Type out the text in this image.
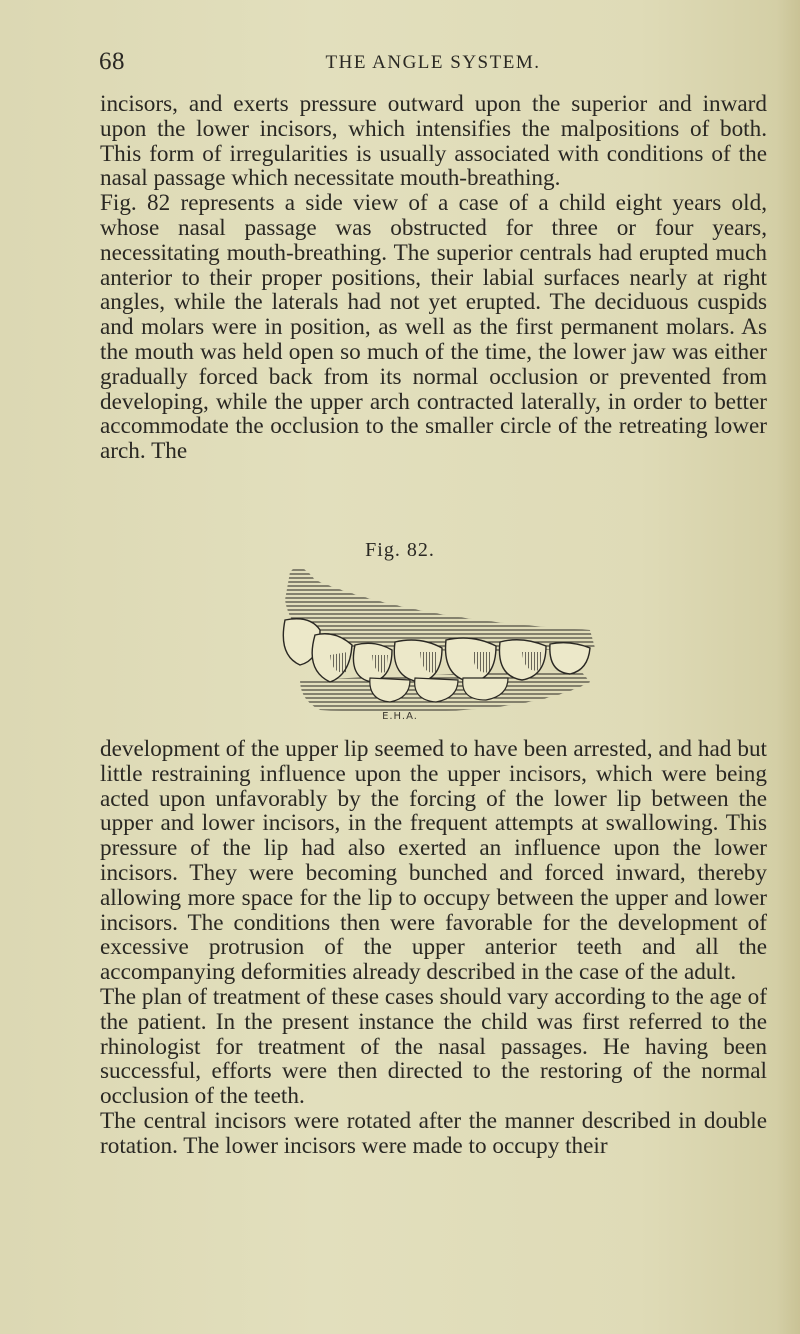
68	THE ANGLE SYSTEM.
incisors, and exerts pressure outward upon the superior and inward upon the lower incisors, which intensifies the malpositions of both. This form of irregularities is usually associated with conditions of the nasal passage which necessitate mouth-breathing.
Fig. 82 represents a side view of a case of a child eight years old, whose nasal passage was obstructed for three or four years, necessitating mouth-breathing. The superior centrals had erupted much anterior to their proper positions, their labial surfaces nearly at right angles, while the laterals had not yet erupted. The deciduous cuspids and molars were in position, as well as the first permanent molars. As the mouth was held open so much of the time, the lower jaw was either gradually forced back from its normal occlusion or prevented from developing, while the upper arch contracted laterally, in order to better accommodate the occlusion to the smaller circle of the retreating lower arch. The
Fig. 82.
E.H.A.
development of the upper lip seemed to have been arrested, and had but little restraining influence upon the upper incisors, which were being acted upon unfavorably by the forcing of the lower lip between the upper and lower incisors, in the frequent attempts at swallowing. This pressure of the lip had also exerted an influence upon the lower incisors. They were becoming bunched and forced inward, thereby allowing more space for the lip to occupy between the upper and lower incisors. The conditions then were favorable for the development of excessive protrusion of the upper anterior teeth and all the accompanying deformities already described in the case of the adult.
The plan of treatment of these cases should vary according to the age of the patient. In the present instance the child was first referred to the rhinologist for treatment of the nasal passages. He having been successful, efforts were then directed to the restoring of the normal occlusion of the teeth.
The central incisors were rotated after the manner described in double rotation. The lower incisors were made to occupy their
